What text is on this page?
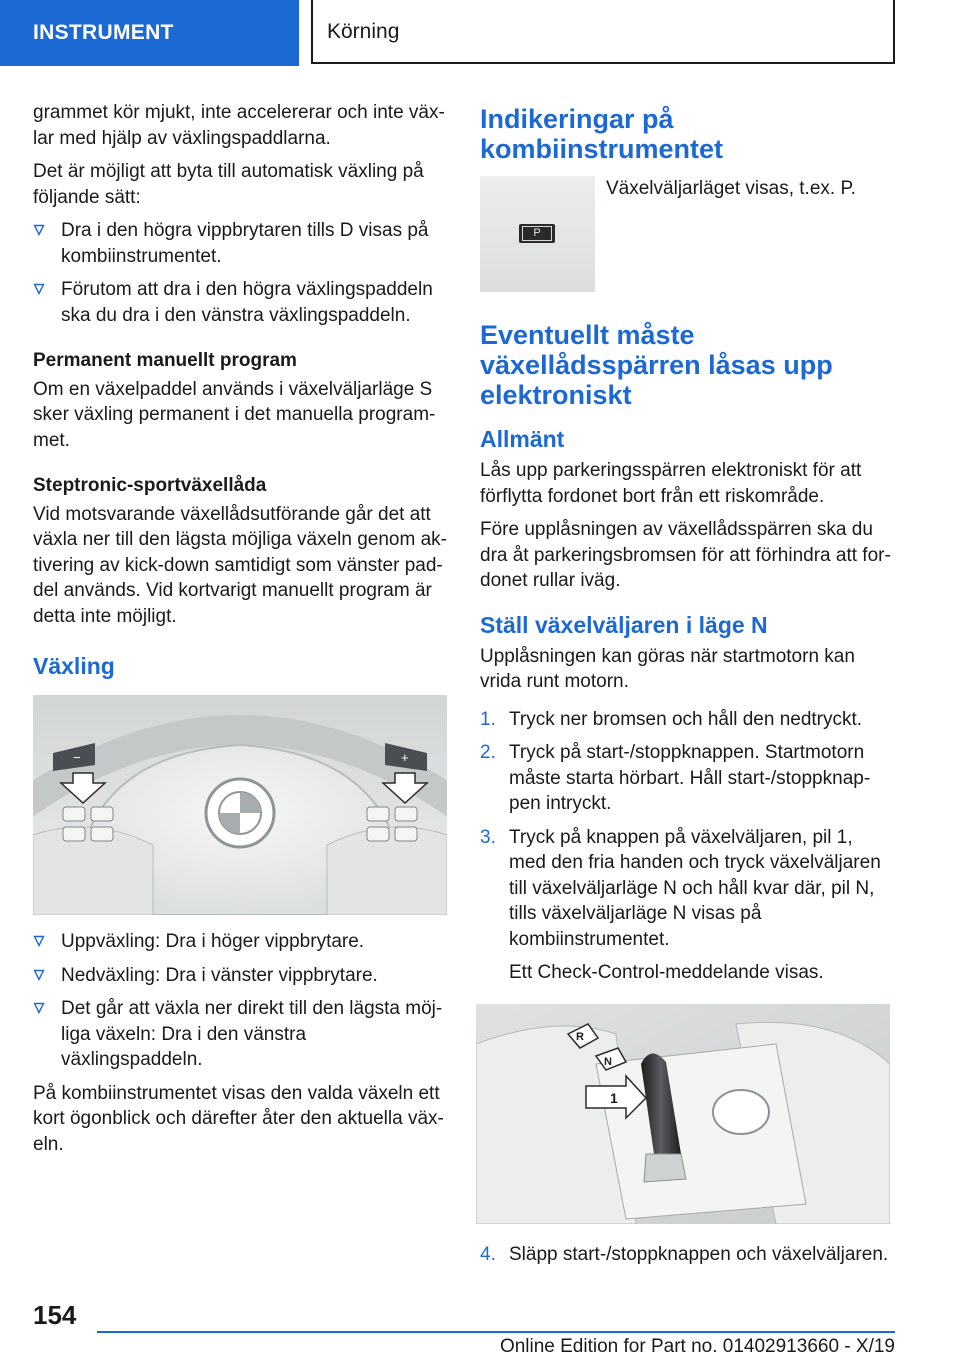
INSTRUMENT	Körning

grammet kör mjukt, inte accelererar och inte växlar med hjälp av växlingspaddlarna.

Det är möjligt att byta till automatisk växling på följande sätt:

Dra i den högra vippbrytaren tills D visas på kombiinstrumentet.
Förutom att dra i den högra växlingspaddeln ska du dra i den vänstra växlingspaddeln.
Permanent manuellt program

Om en växelpaddel används i växelväljarläge S sker växling permanent i det manuella programmet.

Steptronic-sportväxellåda

Vid motsvarande växellådsutförande går det att växla ner till den lägsta möjliga växeln genom aktivering av kick-down samtidigt som vänster paddel används. Vid kortvarigt manuellt program är detta inte möjligt.

Växling
−	+
Uppväxling: Dra i höger vippbrytare.
Nedväxling: Dra i vänster vippbrytare.
Det går att växla ner direkt till den lägsta möjliga växeln: Dra i den vänstra växlingspaddeln.

På kombiinstrumentet visas den valda växeln ett kort ögonblick och därefter åter den aktuella växeln.

Indikeringar på kombiinstrumentet
P
Växelväljarläget visas, t.ex. P.
Eventuellt måste växellådsspärren låsas upp elektroniskt
Allmänt

Lås upp parkeringsspärren elektroniskt för att förflytta fordonet bort från ett riskområde.

Före upplåsningen av växellådsspärren ska du dra åt parkeringsbromsen för att förhindra att fordonet rullar iväg.

Ställ växelväljaren i läge N

Upplåsningen kan göras när startmotorn kan vrida runt motorn.

1. Tryck ner bromsen och håll den nedtryckt.
2. Tryck på start-/stoppknappen. Startmotorn måste starta hörbart. Håll start-/stoppknappen intryckt.
3. Tryck på knappen på växelväljaren, pil 1, med den fria handen och tryck växelväljaren till växelväljarläge N och håll kvar där, pil N, tills växelväljarläge N visas på kombiinstrumentet.
Ett Check-Control-meddelande visas.
R
N
1
4. Släpp start-/stoppknappen och växelväljaren.
154
Online Edition for Part no. 01402913660 - X/19
